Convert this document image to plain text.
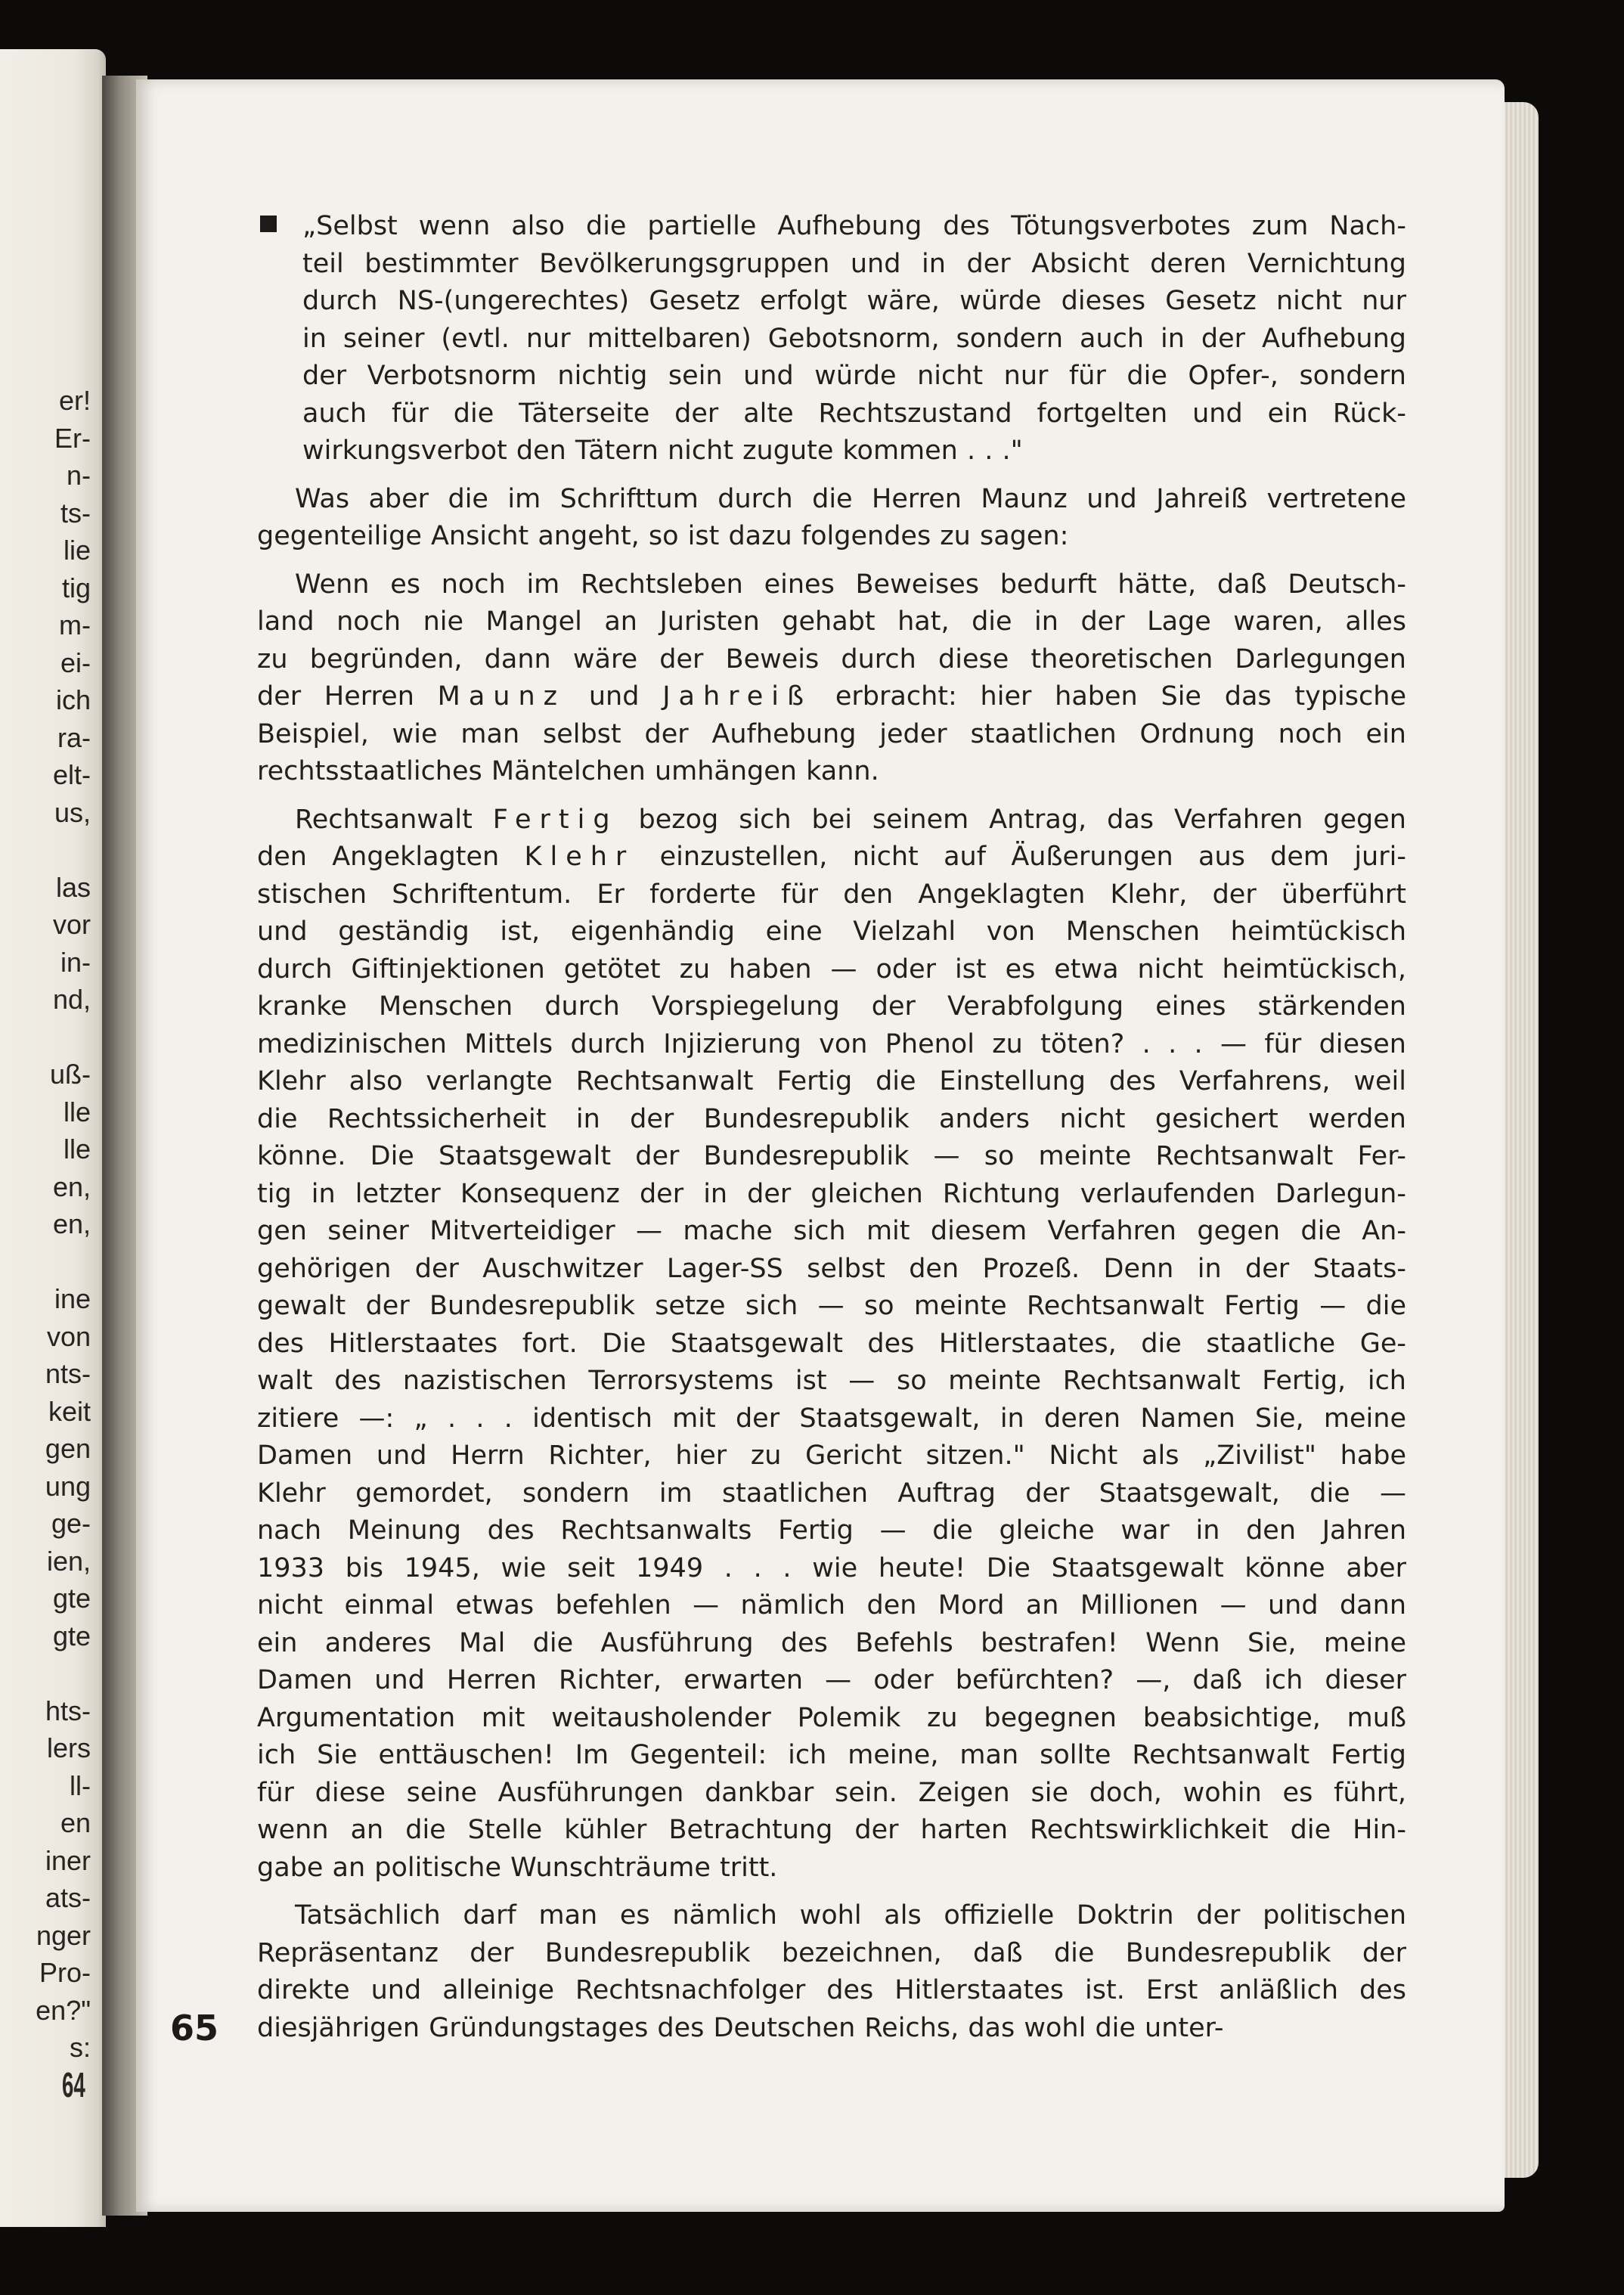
er!
Er-
n-
ts-
lie
tig
m-
ei-
ich
ra-
elt-
us,
las
vor
in-
nd,
uß-
lle
lle
en,
en,
ine
von
nts-
keit
gen
ung
ge-
ien,
gte
gte
hts-
lers
ll-
en
iner
ats-
nger
Pro-
en?"
s:
64
„Selbst wenn also die partielle Aufhebung des Tötungsverbotes zum Nach-
teil bestimmter Bevölkerungsgruppen und in der Absicht deren Vernichtung
durch NS-(ungerechtes) Gesetz erfolgt wäre, würde dieses Gesetz nicht nur
in seiner (evtl. nur mittelbaren) Gebotsnorm, sondern auch in der Aufhebung
der Verbotsnorm nichtig sein und würde nicht nur für die Opfer-, sondern
auch für die Täterseite der alte Rechtszustand fortgelten und ein Rück-
wirkungsverbot den Tätern nicht zugute kommen . . ."
Was aber die im Schrifttum durch die Herren Maunz und Jahreiß vertretene
gegenteilige Ansicht angeht, so ist dazu folgendes zu sagen:
Wenn es noch im Rechtsleben eines Beweises bedurft hätte, daß Deutsch-
land noch nie Mangel an Juristen gehabt hat, die in der Lage waren, alles
zu begründen, dann wäre der Beweis durch diese theoretischen Darlegungen
der Herren Maunz und Jahreiß erbracht: hier haben Sie das typische
Beispiel, wie man selbst der Aufhebung jeder staatlichen Ordnung noch ein
rechtsstaatliches Mäntelchen umhängen kann.
Rechtsanwalt Fertig bezog sich bei seinem Antrag, das Verfahren gegen
den Angeklagten Klehr einzustellen, nicht auf Äußerungen aus dem juri-
stischen Schriftentum. Er forderte für den Angeklagten Klehr, der überführt
und geständig ist, eigenhändig eine Vielzahl von Menschen heimtückisch
durch Giftinjektionen getötet zu haben — oder ist es etwa nicht heimtückisch,
kranke Menschen durch Vorspiegelung der Verabfolgung eines stärkenden
medizinischen Mittels durch Injizierung von Phenol zu töten? . . . — für diesen
Klehr also verlangte Rechtsanwalt Fertig die Einstellung des Verfahrens, weil
die Rechtssicherheit in der Bundesrepublik anders nicht gesichert werden
könne. Die Staatsgewalt der Bundesrepublik — so meinte Rechtsanwalt Fer-
tig in letzter Konsequenz der in der gleichen Richtung verlaufenden Darlegun-
gen seiner Mitverteidiger — mache sich mit diesem Verfahren gegen die An-
gehörigen der Auschwitzer Lager-SS selbst den Prozeß. Denn in der Staats-
gewalt der Bundesrepublik setze sich — so meinte Rechtsanwalt Fertig — die
des Hitlerstaates fort. Die Staatsgewalt des Hitlerstaates, die staatliche Ge-
walt des nazistischen Terrorsystems ist — so meinte Rechtsanwalt Fertig, ich
zitiere —: „ . . . identisch mit der Staatsgewalt, in deren Namen Sie, meine
Damen und Herrn Richter, hier zu Gericht sitzen." Nicht als „Zivilist" habe
Klehr gemordet, sondern im staatlichen Auftrag der Staatsgewalt, die —
nach Meinung des Rechtsanwalts Fertig — die gleiche war in den Jahren
1933 bis 1945, wie seit 1949 . . . wie heute! Die Staatsgewalt könne aber
nicht einmal etwas befehlen — nämlich den Mord an Millionen — und dann
ein anderes Mal die Ausführung des Befehls bestrafen! Wenn Sie, meine
Damen und Herren Richter, erwarten — oder befürchten? —, daß ich dieser
Argumentation mit weitausholender Polemik zu begegnen beabsichtige, muß
ich Sie enttäuschen! Im Gegenteil: ich meine, man sollte Rechtsanwalt Fertig
für diese seine Ausführungen dankbar sein. Zeigen sie doch, wohin es führt,
wenn an die Stelle kühler Betrachtung der harten Rechtswirklichkeit die Hin-
gabe an politische Wunschträume tritt.
Tatsächlich darf man es nämlich wohl als offizielle Doktrin der politischen
Repräsentanz der Bundesrepublik bezeichnen, daß die Bundesrepublik der
direkte und alleinige Rechtsnachfolger des Hitlerstaates ist. Erst anläßlich des
diesjährigen Gründungstages des Deutschen Reichs, das wohl die unter-
65
